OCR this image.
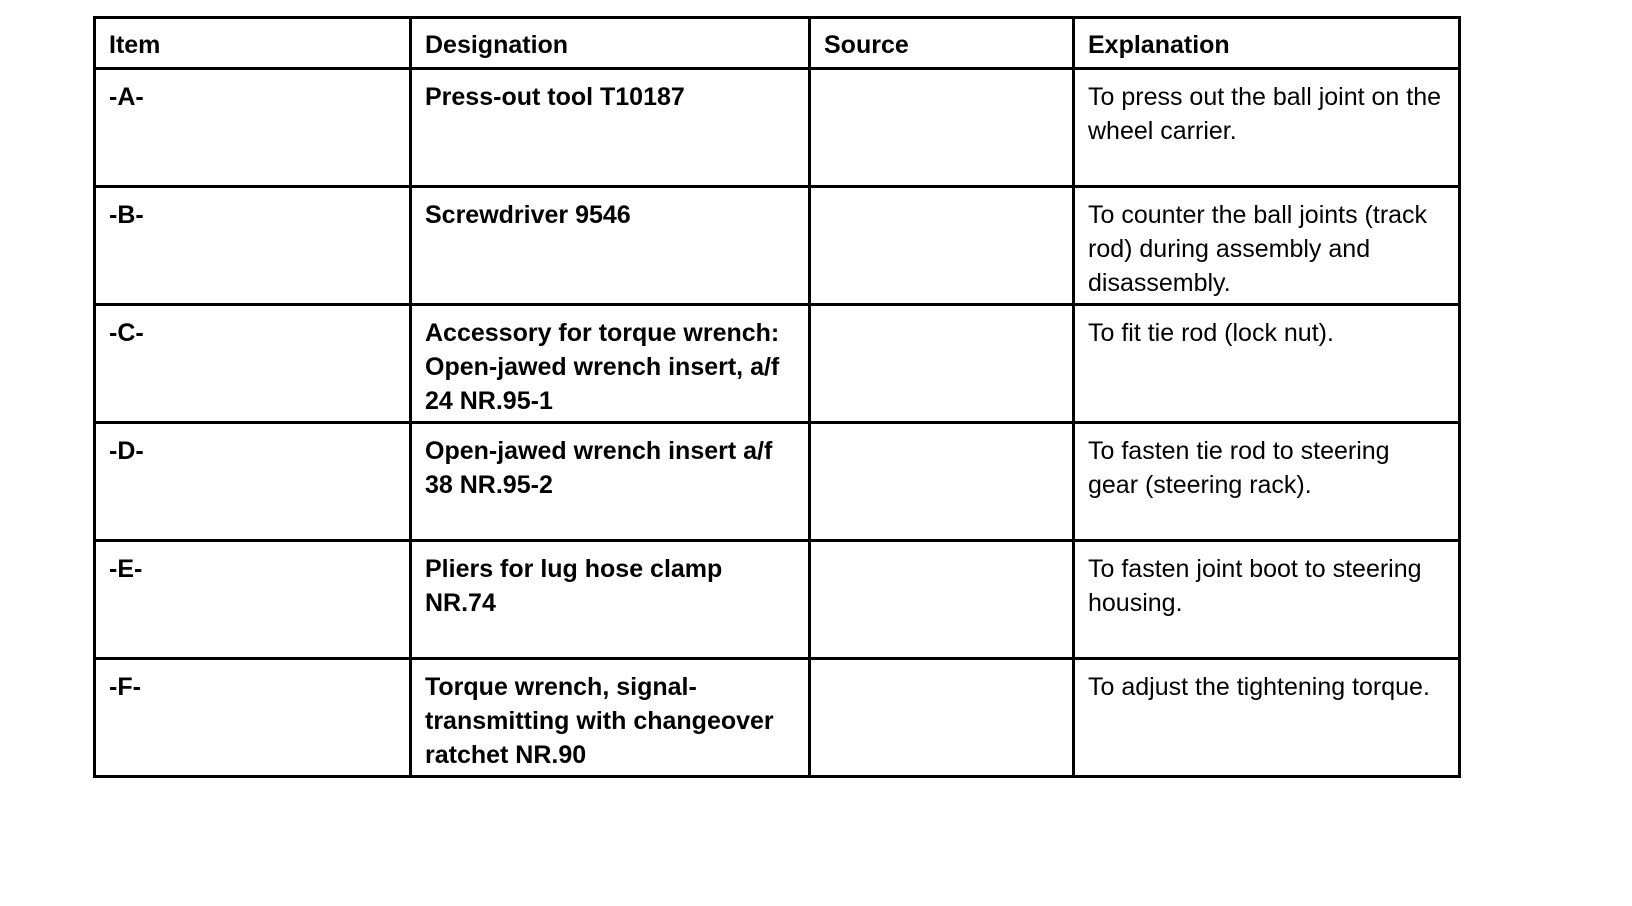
Item	Designation	Source	Explanation
-A-	Press-out tool T10187		To press out the ball joint on the wheel carrier.
-B-	Screwdriver 9546		To counter the ball joints (track rod) during assembly and disassembly.
-C-	Accessory for torque wrench: Open-jawed wrench insert, a/f 24 NR.95-1		To fit tie rod (lock nut).
-D-	Open-jawed wrench insert a/f 38 NR.95-2		To fasten tie rod to steering gear (steering rack).
-E-	Pliers for lug hose clamp NR.74		To fasten joint boot to steering housing.
-F-	Torque wrench, signal-transmitting with changeover ratchet NR.90		To adjust the tightening torque.
